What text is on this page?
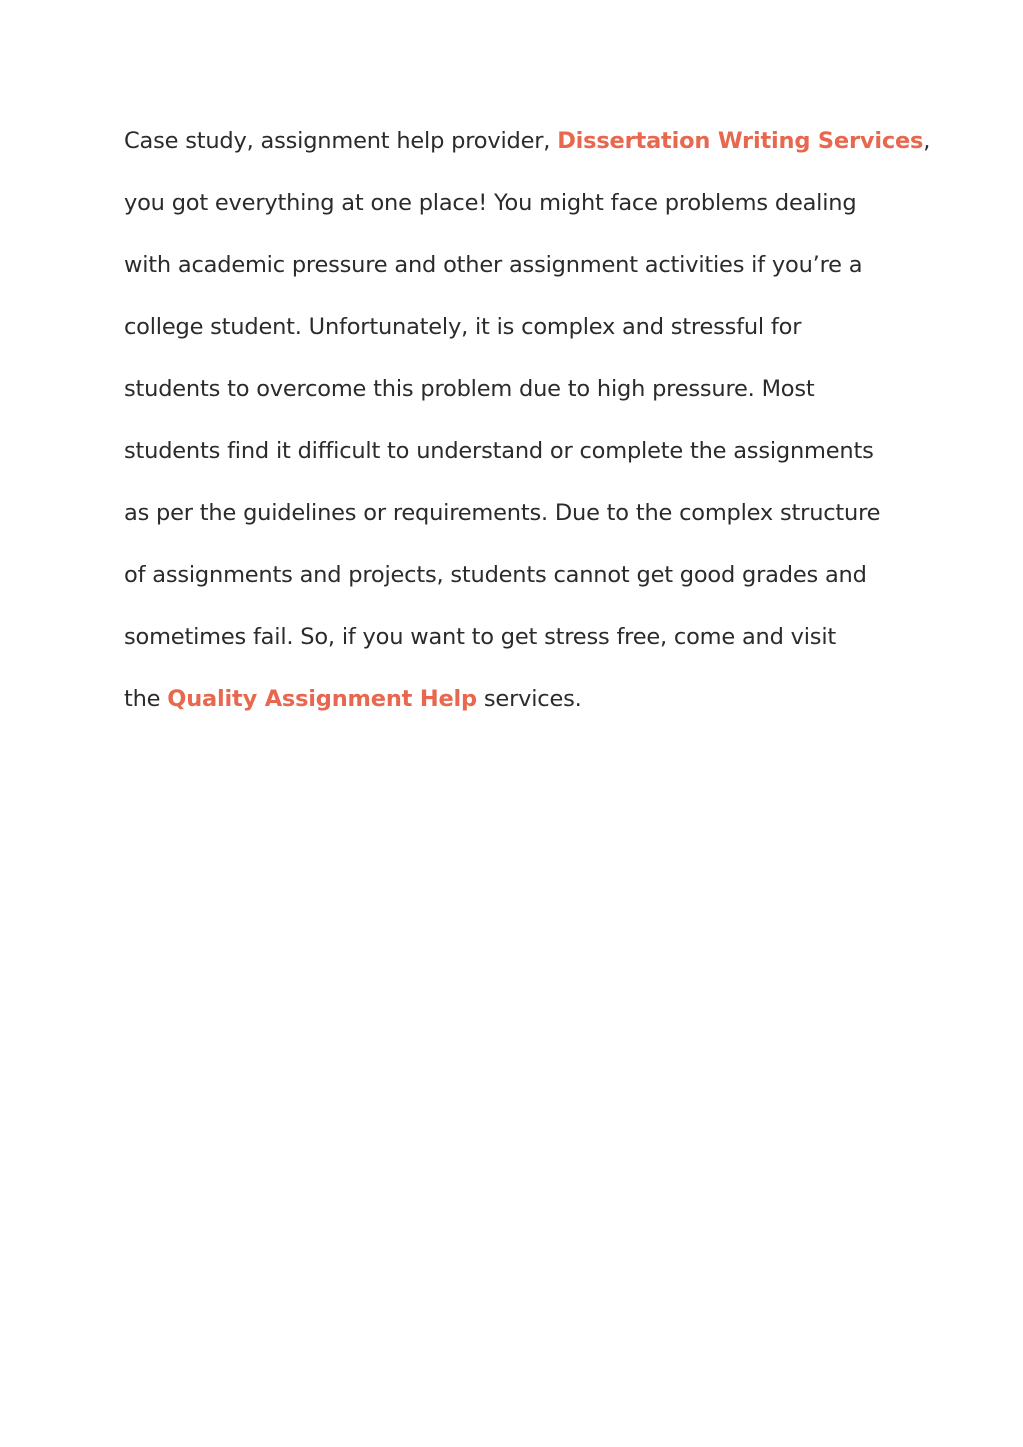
Case study, assignment help provider, Dissertation Writing Services,
you got everything at one place! You might face problems dealing
with academic pressure and other assignment activities if you’re a
college student. Unfortunately, it is complex and stressful for
students to overcome this problem due to high pressure. Most
students find it difficult to understand or complete the assignments
as per the guidelines or requirements. Due to the complex structure
of assignments and projects, students cannot get good grades and
sometimes fail. So, if you want to get stress free, come and visit
the Quality Assignment Help services.
